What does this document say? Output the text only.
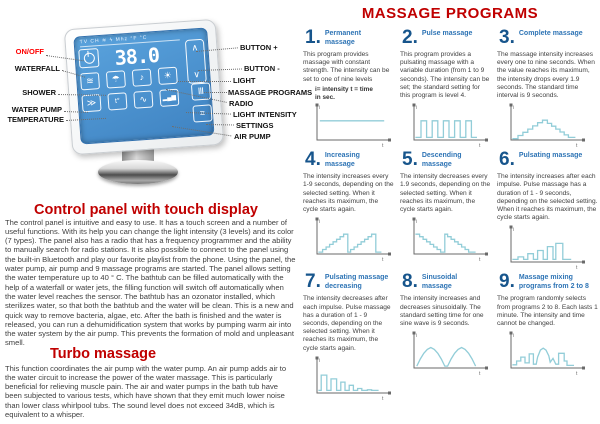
TV CH ≋ ϟ Mhz °F °C
38.0	∧
∨
≋ ☂ ♪ ☀
Ⅲ
≫	t° ∿ ▂▄▆
≡
ON/OFF
WATERFALL
SHOWER
WATER PUMP
TEMPERATURE
BUTTON +
BUTTON -
LIGHT
MASSAGE PROGRAMS
RADIO
LIGHT INTENSITY
SETTINGS
AIR PUMP
Control panel with touch display

The control panel is intuitive and easy to use. It has a touch screen and a number of useful functions. With its help you can change the light intensity (3 levels) and its color (7 types). The panel also has a radio that has a frequency programmer and the ability to manually search for radio stations. It is also possible to connect to the panel using the built-in Bluetooth and play our favorite playlist from the phone. Using the panel, the water pump, air pump and 9 massage programs are started. The panel allows setting the water temperature up to 40 ° C. The bathtub can be filled automatically with the help of a waterfall or water jets, the filling function will switch off automatically when the water level reaches the sensor. The bathtub has an ozonator installed, which sterilizes water, so that both the bathtub and the water will be clean. This is a new and quick way to remove bacteria, algae, etc. After the bath is finished and the water is released, you can run a dehumidification system that works by pumping warm air into the water system by the air pump. This prevents the formation of mold and unpleasant smell.

Turbo massage

This function coordinates the air pump with the water pump. An air pump adds air to the water circuit to increase the power of the water massage. This is particularly beneficial for relieving muscle pain. The air and water pumps in the bath tub have been subjected to various tests, which have shown that they emit much lower noise than lower class whirlpool tubs. The sound level does not exceed 34dB, which is equivalent to a whisper.

MASSAGE PROGRAMS
1. Permanent massage

This program provides massage with constant strength. The intensity can be set to one of nine levels

i= intensity t = time in sec.
i
t
2. Pulse massage

This program provides a pulsating massage with a variable duration (from 1 to 9 seconds). The intensity can be set; the standard setting for this program is level 4.

i
t
3. Complete massage

The massage intensity increases every one to nine seconds. When the value reaches its maximum, the intensity drops every 1.9 seconds. The standard time interval is 9 seconds.

i
t
4. Increasing massage

The intensity increases every 1-9 seconds, depending on the selected setting. When it reaches its maximum, the cycle starts again.

i
t
5. Descending massage

The intensity decreases every 1.9 seconds, depending on the selected setting. When it reaches its maximum, the cycle starts again.

i
t
6. Pulsating massage

The intensity increases after each impulse. Pulse massage has a duration of 1 - 9 seconds, depending on the selected setting. When it reaches its maximum, the cycle starts again.

i
t
7. Pulsating massage decreasing

The intensity decreases after each impulse. Pulse massage has a duration of 1 - 9 seconds, depending on the selected setting. When it reaches its maximum, the cycle starts again.

i
t
8. Sinusoidal massage

The intensity increases and decreases sinusoidally. The standard setting time for one sine wave is 9 seconds.

i
t
9. Massage mixing programs from 2 to 8

The program randomly selects from programs 2 to 8. Each lasts 1 minute. The intensity and time cannot be changed.

i
t
